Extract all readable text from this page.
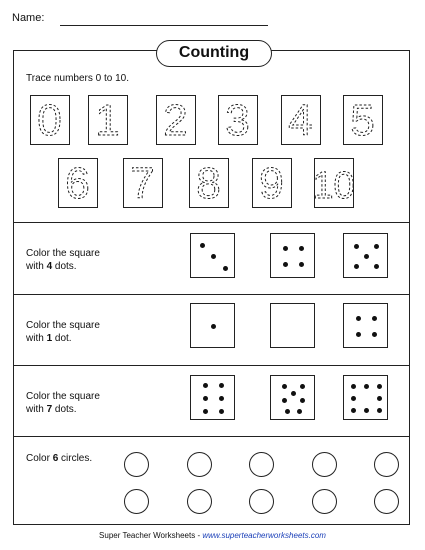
Name:
Counting
Trace numbers 0 to 10.
0 1 2 3 4 5
6 7 8 9 10
Color the square
with 4 dots.
Color the square
with 1 dot.
Color the square
with 7 dots.
Color 6 circles.
Super Teacher Worksheets - www.superteacherworksheets.com
